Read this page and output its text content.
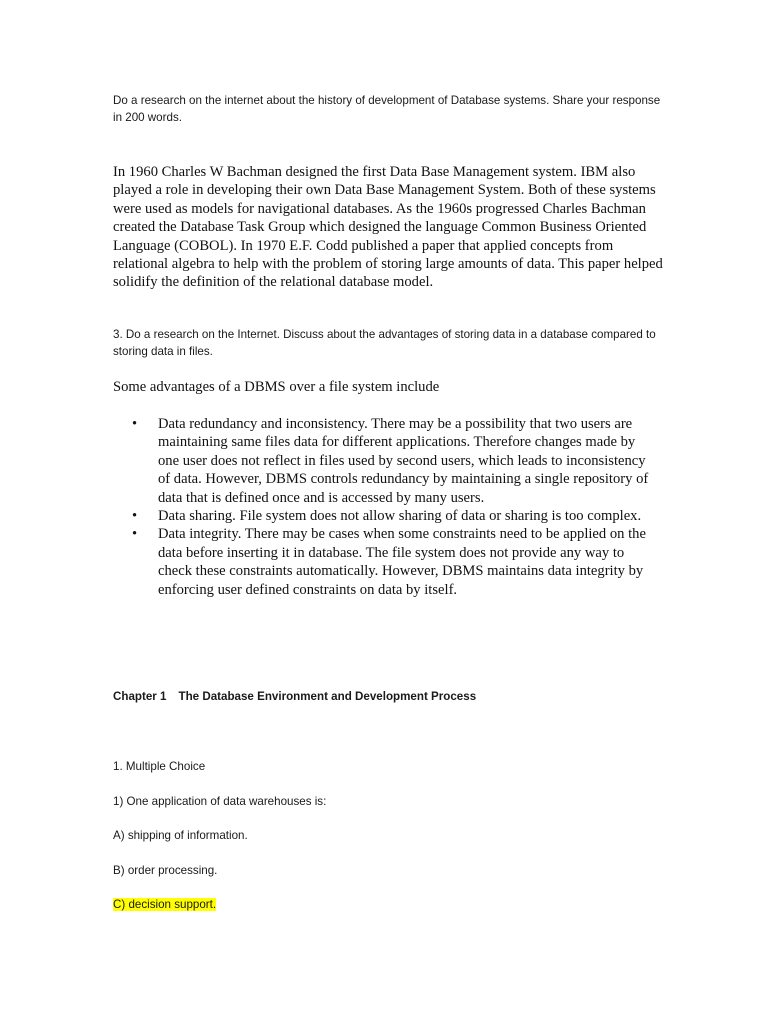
Do a research on the internet about the history of development of Database systems. Share your response in 200 words.
In 1960 Charles W Bachman designed the first Data Base Management system. IBM also played a role in developing their own Data Base Management System. Both of these systems were used as models for navigational databases. As the 1960s progressed Charles Bachman created the Database Task Group which designed the language Common Business Oriented Language (COBOL). In 1970 E.F. Codd published a paper that applied concepts from relational algebra to help with the problem of storing large amounts of data. This paper helped solidify the definition of the relational database model.
3. Do a research on the Internet. Discuss about the advantages of storing data in a database compared to storing data in files.
Some advantages of a DBMS over a file system include
• Data redundancy and inconsistency. There may be a possibility that two users are maintaining same files data for different applications. Therefore changes made by one user does not reflect in files used by second users, which leads to inconsistency of data. However, DBMS controls redundancy by maintaining a single repository of data that is defined once and is accessed by many users.
• Data sharing. File system does not allow sharing of data or sharing is too complex.
• Data integrity. There may be cases when some constraints need to be applied on the data before inserting it in database. The file system does not provide any way to check these constraints automatically. However, DBMS maintains data integrity by enforcing user defined constraints on data by itself.
Chapter 1 The Database Environment and Development Process
1. Multiple Choice
1) One application of data warehouses is:
A) shipping of information.
B) order processing.
C) decision support.
